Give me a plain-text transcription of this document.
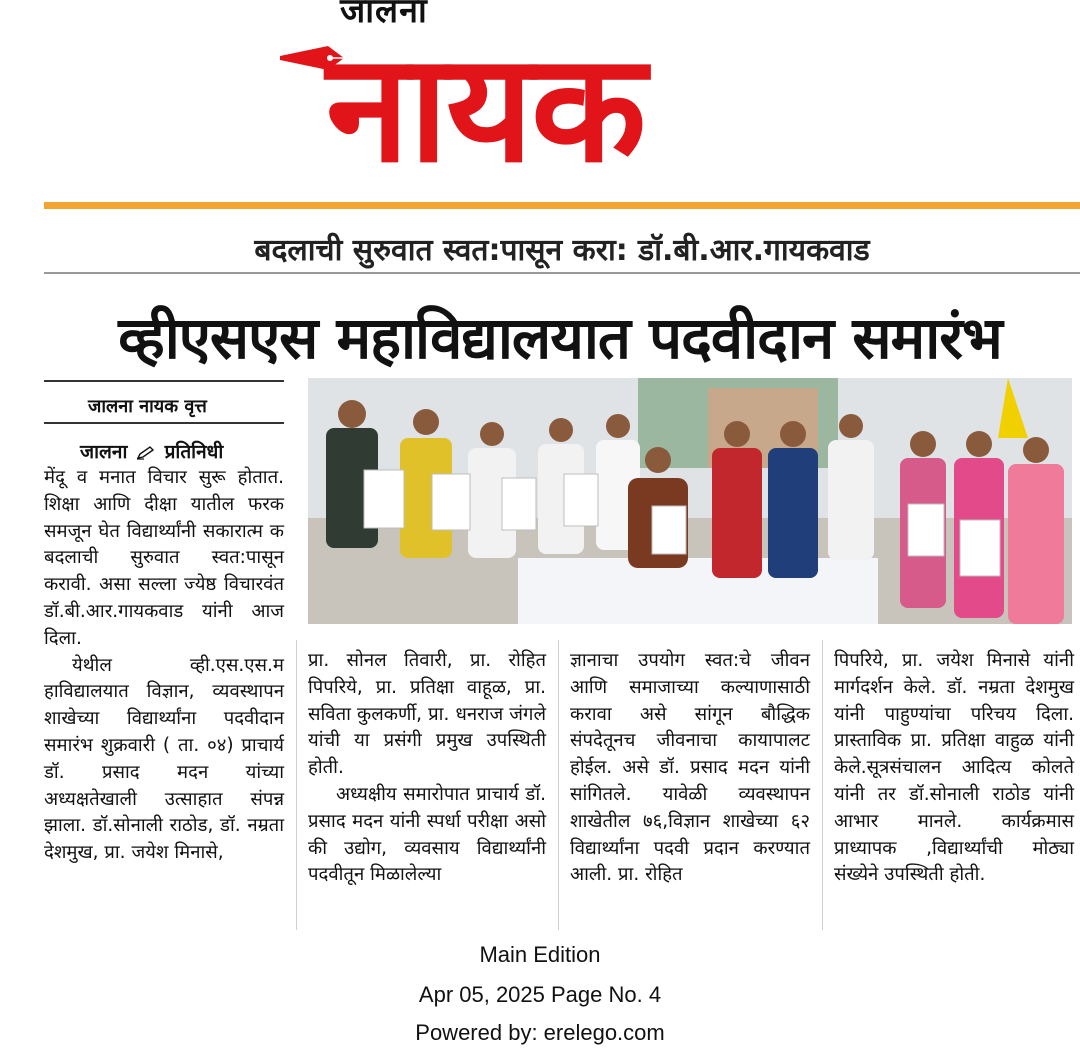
जालना
नायक
बदलाची सुरुवात स्वत:पासून करा: डॉ.बी.आर.गायकवाड
व्हीएसएस महाविद्यालयात पदवीदान समारंभ
जालना नायक वृत्त
जालना प्रतिनिधी

मेंदू व मनात विचार सुरू होतात. शिक्षा आणि दीक्षा यातील फरक समजून घेत विद्यार्थ्यांनी सकारात्म क बदलाची सुरुवात स्वत:पासून करावी. असा सल्ला ज्येष्ठ विचारवंत डॉ.बी.आर.गायकवाड यांनी आज दिला.

येथील व्ही.एस.एस.म हाविद्यालयात विज्ञान, व्यवस्थापन शाखेच्या विद्यार्थ्यांना पदवीदान समारंभ शुक्रवारी ( ता. ०४) प्राचार्य डॉ. प्रसाद मदन यांच्या अध्यक्षतेखाली उत्साहात संपन्न झाला. डॉ.सोनाली राठोड, डॉ. नम्रता देशमुख, प्रा. जयेश मिनासे,

प्रा. सोनल तिवारी, प्रा. रोहित पिपरिये, प्रा. प्रतिक्षा वाहूळ, प्रा. सविता कुलकर्णी, प्रा. धनराज जंगले यांची या प्रसंगी प्रमुख उपस्थिती होती.

अध्यक्षीय समारोपात प्राचार्य डॉ. प्रसाद मदन यांनी स्पर्धा परीक्षा असो की उद्योग, व्यवसाय विद्यार्थ्यांनी पदवीतून मिळालेल्या

ज्ञानाचा उपयोग स्वत:चे जीवन आणि समाजाच्या कल्याणासाठी करावा असे सांगून बौद्धिक संपदेतूनच जीवनाचा कायापालट होईल. असे डॉ. प्रसाद मदन यांनी सांगितले. यावेळी व्यवस्थापन शाखेतील ७६,विज्ञान शाखेच्या ६२ विद्यार्थ्यांना पदवी प्रदान करण्यात आली. प्रा. रोहित

पिपरिये, प्रा. जयेश मिनासे यांनी मार्गदर्शन केले. डॉ. नम्रता देशमुख यांनी पाहुण्यांचा परिचय दिला. प्रास्ताविक प्रा. प्रतिक्षा वाहुळ यांनी केले.सूत्रसंचालन आदित्य कोलते यांनी तर डॉ.सोनाली राठोड यांनी आभार मानले. कार्यक्रमास प्राध्यापक ,विद्यार्थ्यांची मोठ्या संख्येने उपस्थिती होती.

Main Edition
Apr 05, 2025 Page No. 4
Powered by: erelego.com
